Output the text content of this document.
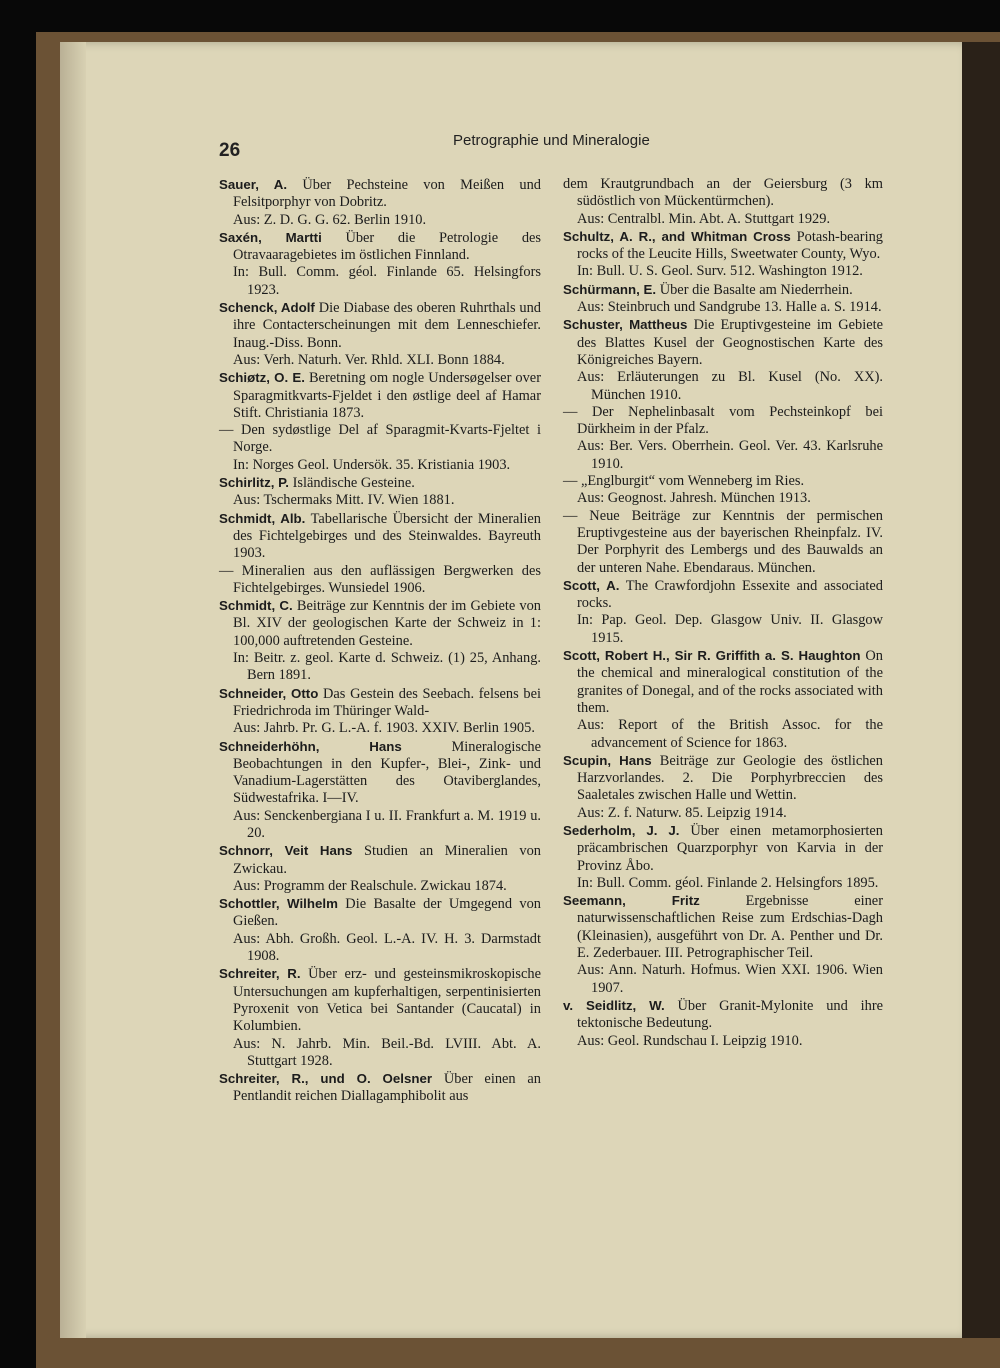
26	Petrographie und Mineralogie

Sauer, A. Über Pechsteine von Meißen und Felsitporphyr von Dobritz.

Aus: Z. D. G. G. 62. Berlin 1910.

Saxén, Martti Über die Petrologie des Otravaaragebietes im östlichen Finnland.

In: Bull. Comm. géol. Finlande 65. Helsingfors 1923.

Schenck, Adolf Die Diabase des oberen Ruhrthals und ihre Contacterscheinungen mit dem Lenneschiefer. Inaug.-Diss. Bonn.

Aus: Verh. Naturh. Ver. Rhld. XLI. Bonn 1884.

Schiøtz, O. E. Beretning om nogle Undersøgelser over Sparagmitkvarts-Fjeldet i den østlige deel af Hamar Stift. Christiania 1873.

— Den sydøstlige Del af Sparagmit-Kvarts-Fjeltet i Norge.

In: Norges Geol. Undersök. 35. Kristiania 1903.

Schirlitz, P. Isländische Gesteine.

Aus: Tschermaks Mitt. IV. Wien 1881.

Schmidt, Alb. Tabellarische Übersicht der Mineralien des Fichtelgebirges und des Steinwaldes. Bayreuth 1903.

— Mineralien aus den auflässigen Bergwerken des Fichtelgebirges. Wunsiedel 1906.

Schmidt, C. Beiträge zur Kenntnis der im Gebiete von Bl. XIV der geologischen Karte der Schweiz in 1: 100,000 auftretenden Gesteine.

In: Beitr. z. geol. Karte d. Schweiz. (1) 25, Anhang. Bern 1891.

Schneider, Otto Das Gestein des Seebach. felsens bei Friedrichroda im Thüringer Wald-

Aus: Jahrb. Pr. G. L.-A. f. 1903. XXIV. Berlin 1905.

Schneiderhöhn, Hans	Mineralogische Beobachtungen in den Kupfer-, Blei-, Zink- und Vanadium-Lagerstätten des Otaviberglandes, Südwestafrika. I—IV.

Aus: Senckenbergiana I u. II. Frankfurt a. M. 1919 u. 20.

Schnorr, Veit Hans Studien an Mineralien von Zwickau.

Aus: Programm der Realschule. Zwickau 1874.

Schottler, Wilhelm Die Basalte der Umgegend von Gießen.

Aus: Abh. Großh. Geol. L.-A. IV. H. 3. Darmstadt 1908.

Schreiter, R. Über erz- und gesteinsmikroskopische Untersuchungen am kupferhaltigen, serpentinisierten Pyroxenit von Vetica bei Santander (Caucatal) in Kolumbien.

Aus: N. Jahrb. Min. Beil.-Bd. LVIII. Abt. A. Stuttgart 1928.

Schreiter, R., und O. Oelsner Über einen an Pentlandit reichen Diallagamphibolit aus

dem Krautgrundbach an der Geiersburg (3 km südöstlich von Mückentürmchen).

Aus: Centralbl. Min. Abt. A. Stuttgart 1929.

Schultz, A. R., and Whitman Cross Potash-bearing rocks of the Leucite Hills, Sweetwater County, Wyo.

In: Bull. U. S. Geol. Surv. 512. Washington 1912.

Schürmann, E. Über die Basalte am Niederrhein.

Aus: Steinbruch und Sandgrube 13. Halle a. S. 1914.

Schuster, Mattheus Die Eruptivgesteine im Gebiete des Blattes Kusel der Geognostischen Karte des Königreiches Bayern.

Aus: Erläuterungen zu Bl. Kusel (No. XX). München 1910.

— Der Nephelinbasalt vom Pechsteinkopf bei Dürkheim in der Pfalz.

Aus: Ber. Vers. Oberrhein. Geol. Ver. 43. Karlsruhe 1910.

— „Englburgit“ vom Wenneberg im Ries.

Aus: Geognost. Jahresh. München 1913.

— Neue Beiträge zur Kenntnis der permischen Eruptivgesteine aus der bayerischen Rheinpfalz. IV. Der Porphyrit des Lembergs und des Bauwalds an der unteren Nahe. Ebendaraus. München.

Scott, A. The Crawfordjohn Essexite and associated rocks.

In: Pap. Geol. Dep. Glasgow Univ. II. Glasgow 1915.

Scott, Robert H., Sir R. Griffith a. S. Haughton On the chemical and mineralogical constitution of the granites of Donegal, and of the rocks associated with them.

Aus: Report of the British Assoc. for the advancement of Science for 1863.

Scupin, Hans Beiträge zur Geologie des östlichen Harzvorlandes. 2. Die Porphyrbreccien des Saaletales zwischen Halle und Wettin.

Aus: Z. f. Naturw. 85. Leipzig 1914.

Sederholm, J. J. Über einen metamorphosierten präcambrischen Quarzporphyr von Karvia in der Provinz Åbo.

In: Bull. Comm. géol. Finlande 2. Helsingfors 1895.

Seemann, Fritz	Ergebnisse einer naturwissenschaftlichen Reise zum Erdschias-Dagh (Kleinasien), ausgeführt von Dr. A. Penther und Dr. E. Zederbauer. III. Petrographischer Teil.

Aus: Ann. Naturh. Hofmus. Wien XXI. 1906. Wien 1907.

v. Seidlitz, W. Über Granit-Mylonite und ihre tektonische Bedeutung.

Aus: Geol. Rundschau I. Leipzig 1910.
